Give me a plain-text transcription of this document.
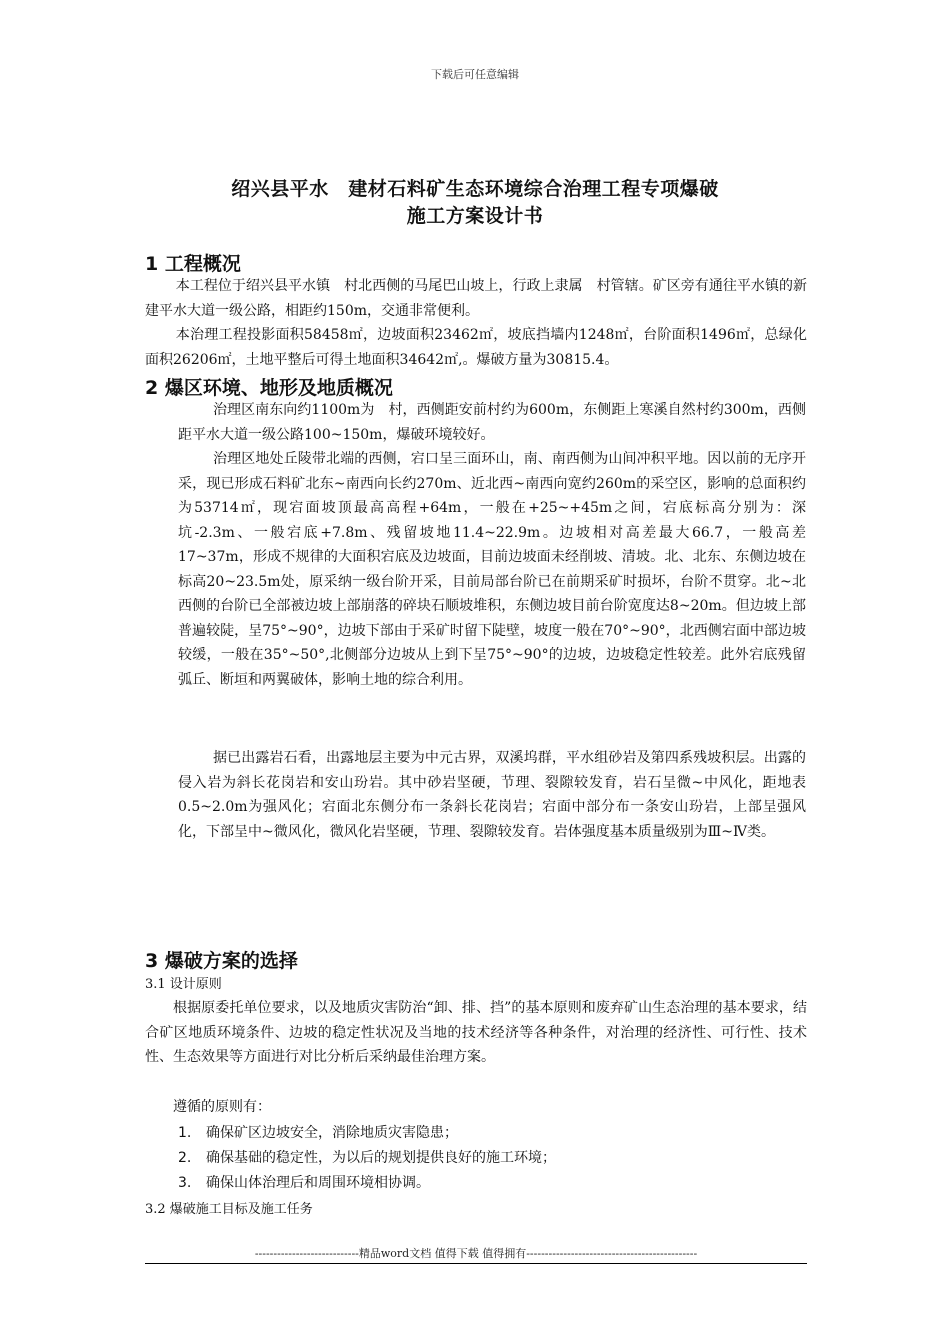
下载后可任意编辑
绍兴县平水　建材石料矿生态环境综合治理工程专项爆破
施工方案设计书
1 工程概况

本工程位于绍兴县平水镇　村北西侧的马尾巴山坡上，行政上隶属　村管辖。矿区旁有通往平水镇的新建平水大道一级公路，相距约150m，交通非常便利。

本治理工程投影面积58458㎡，边坡面积23462㎡，坡底挡墙内1248㎡，台阶面积1496㎡，总绿化面积26206㎡，土地平整后可得土地面积34642㎡,。爆破方量为30815.4。

2 爆区环境、地形及地质概况

治理区南东向约1100m为　村，西侧距安前村约为600m，东侧距上寒溪自然村约300m，西侧距平水大道一级公路100~150m，爆破环境较好。

治理区地处丘陵带北端的西侧，宕口呈三面环山，南、南西侧为山间冲积平地。因以前的无序开采，现已形成石料矿北东~南西向长约270m、近北西~南西向宽约260m的采空区，影响的总面积约为53714㎡，现宕面坡顶最高高程+64m，一般在+25~+45m之间，宕底标高分别为：深坑-2.3m、一般宕底+7.8m、残留坡地11.4~22.9m。边坡相对高差最大66.7，一般高差17~37m，形成不规律的大面积宕底及边坡面，目前边坡面未经削坡、清坡。北、北东、东侧边坡在标高20~23.5m处，原采纳一级台阶开采，目前局部台阶已在前期采矿时损坏，台阶不贯穿。北~北西侧的台阶已全部被边坡上部崩落的碎块石顺坡堆积，东侧边坡目前台阶宽度达8~20m。但边坡上部普遍较陡，呈75°~90°，边坡下部由于采矿时留下陡壁，坡度一般在70°~90°，北西侧宕面中部边坡较缓，一般在35°~50°,北侧部分边坡从上到下呈75°~90°的边坡，边坡稳定性较差。此外宕底残留弧丘、断垣和两翼破体，影响土地的综合利用。

据已出露岩石看，出露地层主要为中元古界，双溪坞群，平水组砂岩及第四系残坡积层。出露的侵入岩为斜长花岗岩和安山玢岩。其中砂岩坚硬，节理、裂隙较发育，岩石呈微~中风化，距地表0.5~2.0m为强风化；宕面北东侧分布一条斜长花岗岩；宕面中部分布一条安山玢岩，上部呈强风化，下部呈中~微风化，微风化岩坚硬，节理、裂隙较发育。岩体强度基本质量级别为Ⅲ~Ⅳ类。

3 爆破方案的选择
3.1 设计原则

根据原委托单位要求，以及地质灾害防治“卸、排、挡”的基本原则和废弃矿山生态治理的基本要求，结合矿区地质环境条件、边坡的稳定性状况及当地的技术经济等各种条件，对治理的经济性、可行性、技术性、生态效果等方面进行对比分析后采纳最佳治理方案。

遵循的原则有：

1. 确保矿区边坡安全，消除地质灾害隐患；
2. 确保基础的稳定性，为以后的规划提供良好的施工环境；
3. 确保山体治理后和周围环境相协调。
3.2 爆破施工目标及施工任务
----------------------------精品word文档 值得下载 值得拥有----------------------------------------------
